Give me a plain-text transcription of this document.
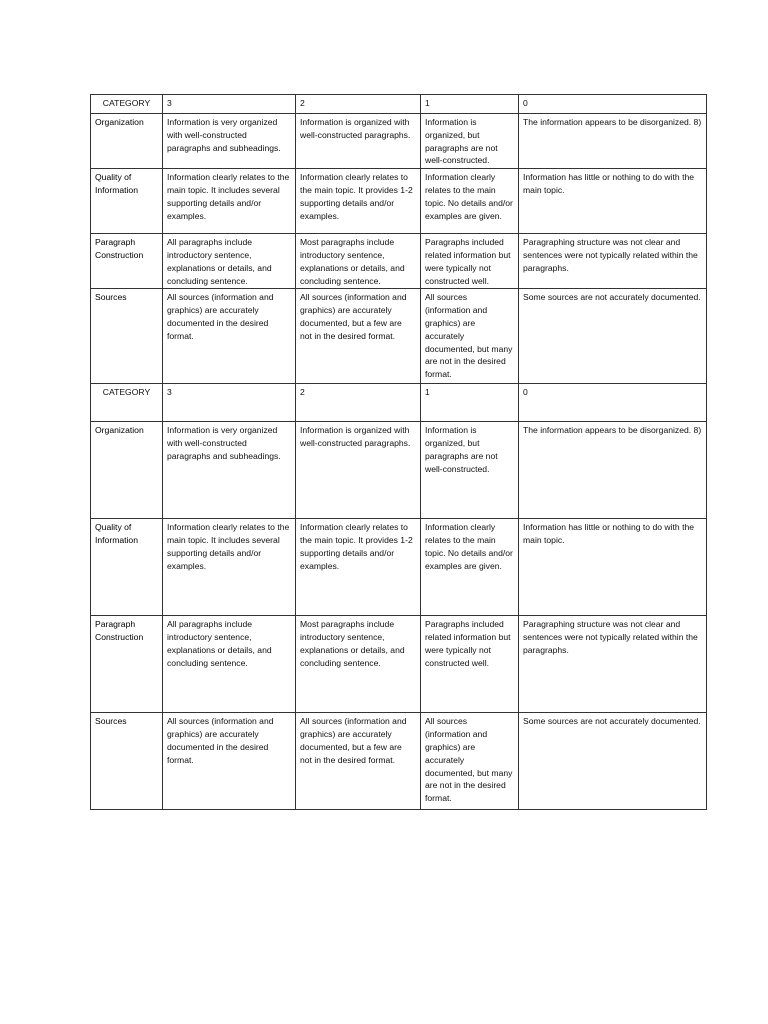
CATEGORY	3	2	1	0
Organization	Information is very organized with well-constructed paragraphs and subheadings.	Information is organized with well-constructed paragraphs.	Information is organized, but paragraphs are not well-constructed.	The information appears to be disorganized. 8)
Quality of Information	Information clearly relates to the main topic. It includes several supporting details and/or examples.	Information clearly relates to the main topic. It provides 1-2 supporting details and/or examples.	Information clearly relates to the main topic. No details and/or examples are given.	Information has little or nothing to do with the main topic.
Paragraph Construction	All paragraphs include introductory sentence, explanations or details, and concluding sentence.	Most paragraphs include introductory sentence, explanations or details, and concluding sentence.	Paragraphs included related information but were typically not constructed well.	Paragraphing structure was not clear and sentences were not typically related within the paragraphs.
Sources	All sources (information and graphics) are accurately documented in the desired format.	All sources (information and graphics) are accurately documented, but a few are not in the desired format.	All sources (information and graphics) are accurately documented, but many are not in the desired format.	Some sources are not accurately documented.
CATEGORY	3	2	1	0
Organization	Information is very organized with well-constructed paragraphs and subheadings.	Information is organized with well-constructed paragraphs.	Information is organized, but paragraphs are not well-constructed.	The information appears to be disorganized. 8)
Quality of Information	Information clearly relates to the main topic. It includes several supporting details and/or examples.	Information clearly relates to the main topic. It provides 1-2 supporting details and/or examples.	Information clearly relates to the main topic. No details and/or examples are given.	Information has little or nothing to do with the main topic.
Paragraph Construction	All paragraphs include introductory sentence, explanations or details, and concluding sentence.	Most paragraphs include introductory sentence, explanations or details, and concluding sentence.	Paragraphs included related information but were typically not constructed well.	Paragraphing structure was not clear and sentences were not typically related within the paragraphs.
Sources	All sources (information and graphics) are accurately documented in the desired format.	All sources (information and graphics) are accurately documented, but a few are not in the desired format.	All sources (information and graphics) are accurately documented, but many are not in the desired format.	Some sources are not accurately documented.
